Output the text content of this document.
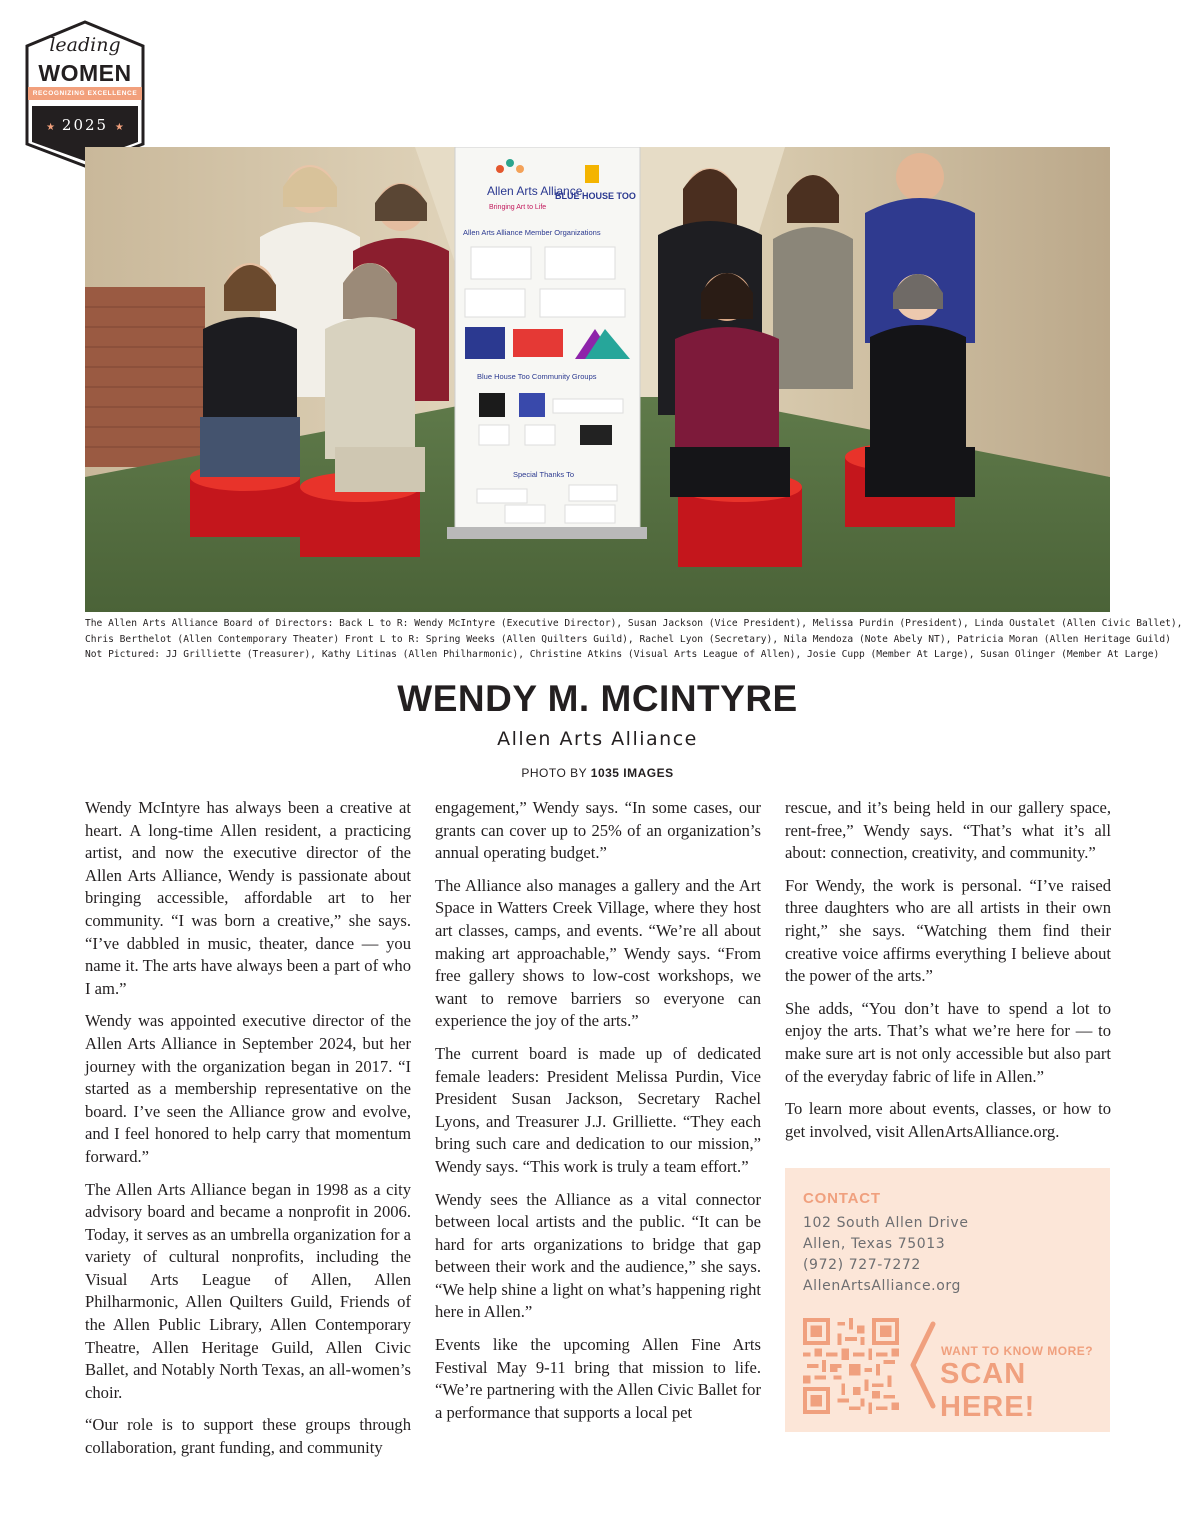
leading
WOMEN
RECOGNIZING EXCELLENCE
★ 2025 ★
Allen Arts Alliance
Bringing Art to Life
BLUE HOUSE TOO
Allen Arts Alliance Member Organizations
Blue House Too Community Groups
Special Thanks To
The Allen Arts Alliance Board of Directors: Back L to R: Wendy McIntyre (Executive Director), Susan Jackson (Vice President), Melissa Purdin (President), Linda Oustalet (Allen Civic Ballet),
Chris Berthelot (Allen Contemporary Theater) Front L to R: Spring Weeks (Allen Quilters Guild), Rachel Lyon (Secretary), Nila Mendoza (Note Abely NT), Patricia Moran (Allen Heritage Guild)
Not Pictured: JJ Grilliette (Treasurer), Kathy Litinas (Allen Philharmonic), Christine Atkins (Visual Arts League of Allen), Josie Cupp (Member At Large), Susan Olinger (Member At Large)
WENDY M. MCINTYRE
Allen Arts Alliance
PHOTO BY 1035 IMAGES

Wendy McIntyre has always been a creative at heart. A long-time Allen resident, a practicing artist, and now the executive director of the Allen Arts Alliance, Wendy is passionate about bringing accessible, affordable art to her community. “I was born a creative,” she says. “I’ve dabbled in music, theater, dance — you name it. The arts have always been a part of who I am.”

Wendy was appointed executive director of the Allen Arts Alliance in September 2024, but her journey with the organization began in 2017. “I started as a membership representative on the board. I’ve seen the Alliance grow and evolve, and I feel honored to help carry that momentum forward.”

The Allen Arts Alliance began in 1998 as a city advisory board and became a nonprofit in 2006. Today, it serves as an umbrella organization for a variety of cultural nonprofits, including the Visual Arts League of Allen, Allen Philharmonic, Allen Quilters Guild, Friends of the Allen Public Library, Allen Contemporary Theatre, Allen Heritage Guild, Allen Civic Ballet, and Notably North Texas, an all-women’s choir.

“Our role is to support these groups through collaboration, grant funding, and community

engagement,” Wendy says. “In some cases, our grants can cover up to 25% of an organization’s annual operating budget.”

The Alliance also manages a gallery and the Art Space in Watters Creek Village, where they host art classes, camps, and events. “We’re all about making art approachable,” Wendy says. “From free gallery shows to low-cost workshops, we want to remove barriers so everyone can experience the joy of the arts.”

The current board is made up of dedicated female leaders: President Melissa Purdin, Vice President Susan Jackson, Secretary Rachel Lyons, and Treasurer J.J. Grilliette. “They each bring such care and dedication to our mission,” Wendy says. “This work is truly a team effort.”

Wendy sees the Alliance as a vital connector between local artists and the public. “It can be hard for arts organizations to bridge that gap between their work and the audience,” she says. “We help shine a light on what’s happening right here in Allen.”

Events like the upcoming Allen Fine Arts Festival May 9-11 bring that mission to life. “We’re partnering with the Allen Civic Ballet for a performance that supports a local pet

rescue, and it’s being held in our gallery space, rent-free,” Wendy says. “That’s what it’s all about: connection, creativity, and community.”

For Wendy, the work is personal. “I’ve raised three daughters who are all artists in their own right,” she says. “Watching them find their creative voice affirms everything I believe about the power of the arts.”

She adds, “You don’t have to spend a lot to enjoy the arts. That’s what we’re here for — to make sure art is not only accessible but also part of the everyday fabric of life in Allen.”

To learn more about events, classes, or how to get involved, visit AllenArtsAlliance.org.

CONTACT
102 South Allen Drive
Allen, Texas 75013
(972) 727-7272
AllenArtsAlliance.org
WANT TO KNOW MORE?
SCAN HERE!
